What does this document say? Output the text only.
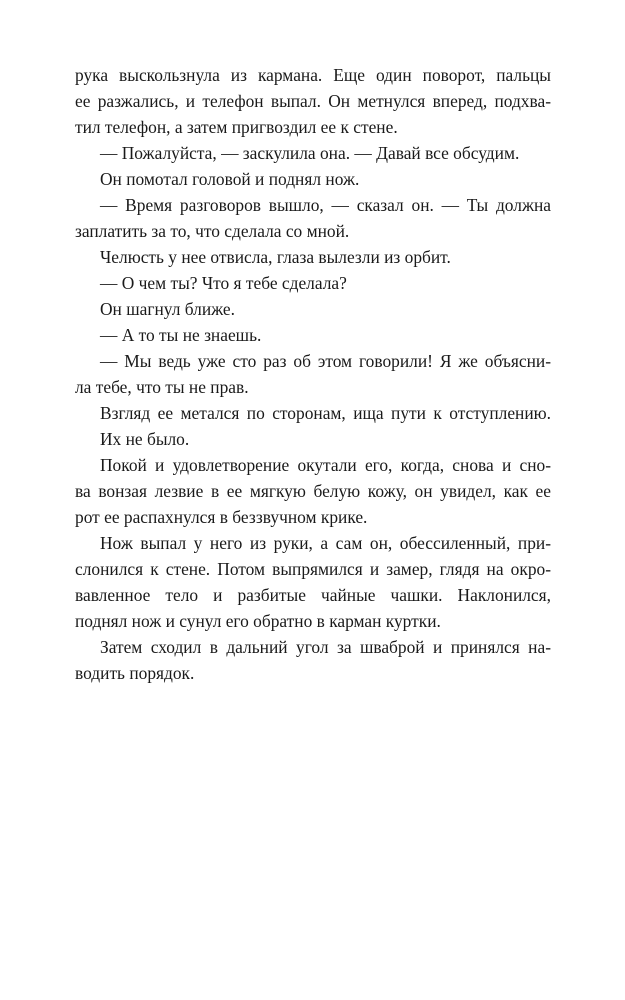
рука выскользнула из кармана. Еще один поворот, пальцы
ее разжались, и телефон выпал. Он метнулся вперед, подхва-
тил телефон, а затем пригвоздил ее к стене.
— Пожалуйста, — заскулила она. — Давай все обсудим.
Он помотал головой и поднял нож.
— Время разговоров вышло, — сказал он. — Ты должна
заплатить за то, что сделала со мной.
Челюсть у нее отвисла, глаза вылезли из орбит.
— О чем ты? Что я тебе сделала?
Он шагнул ближе.
— А то ты не знаешь.
— Мы ведь уже сто раз об этом говорили! Я же объясни-
ла тебе, что ты не прав.
Взгляд ее метался по сторонам, ища пути к отступлению.
Их не было.
Покой и удовлетворение окутали его, когда, снова и сно-
ва вонзая лезвие в ее мягкую белую кожу, он увидел, как ее
рот ее распахнулся в беззвучном крике.
Нож выпал у него из руки, а сам он, обессиленный, при-
слонился к стене. Потом выпрямился и замер, глядя на окро-
вавленное тело и разбитые чайные чашки. Наклонился,
поднял нож и сунул его обратно в карман куртки.
Затем сходил в дальний угол за шваброй и принялся на-
водить порядок.
